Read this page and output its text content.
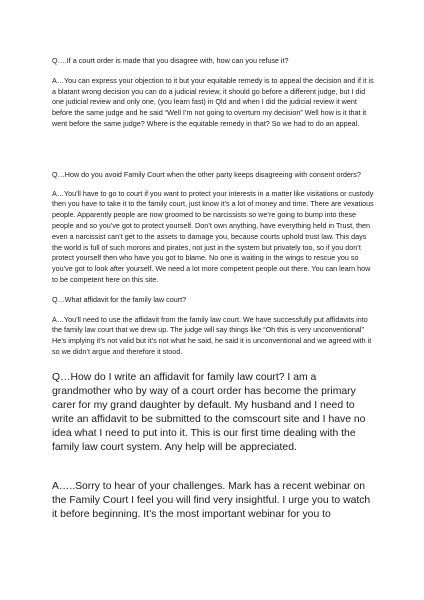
Q….If a court order is made that you disagree with, how can you refuse it?

A…You can express your objection to it but your equitable remedy is to appeal the decision and if it is a blatant wrong decision you can do a judicial review, it should go before a different judge, but I did one judicial review and only one, (you learn fast) in Qld and when I did the judicial review it went before the same judge and he said “Well I’m not going to overturn my decision” Well how is it that it went before the same judge? Where is the equitable remedy in that? So we had to do an appeal.

Q…How do you avoid Family Court when the other party keeps disagreeing with consent orders?

A…You’ll have to go to court if you want to protect your interests in a matter like visitations or custody then you have to take it to the family court, just know it’s a lot of money and time. There are vexatious people. Apparently people are now groomed to be narcissists so we’re going to bump into these people and so you’ve got to protect yourself. Don’t own anything, have everything held in Trust, then even a narcissist can’t get to the assets to damage you, because courts uphold trust law. This days the world is full of such morons and pirates, not just in the system but privately too, so if you don’t protect yourself then who have you got to blame. No one is waiting in the wings to rescue you so you’ve got to look after yourself. We need a lot more competent people out there. You can learn how to be competent here on this site.

Q…What affidavit for the family law court?

A…You’ll need to use the affidavit from the family law court. We have successfully put affidavits into the family law court that we drew up. The judge will say things like “Oh this is very unconventional” He’s implying it’s not valid but it’s not what he said, he said it is unconventional and we agreed with it so we didn’t argue and therefore it stood.

Q…How do I write an affidavit for family law court? I am a grandmother who by way of a court order has become the primary carer for my grand daughter by default. My husband and I need to write an affidavit to be submitted to the comscourt site and I have no idea what I need to put into it. This is our first time dealing with the family law court system. Any help will be appreciated.

A…..Sorry to hear of your challenges. Mark has a recent webinar on the Family Court I feel you will find very insightful. I urge you to watch it before beginning. It’s the most important webinar for you to
